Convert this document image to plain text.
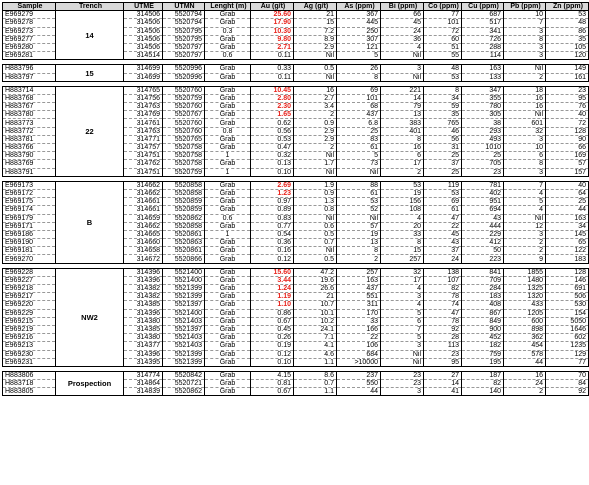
Sample	Trench	UTME	UTMN	Lenght (m)	Au (g/t)	Ag (g/t)	As (ppm)	Bi (ppm)	Co (ppm)	Cu (ppm)	Pb (ppm)	Zn (ppm)
E969279	14	314506	5520794	Grab	25.60	21	367	66	77	687	10	53
E969278		314506	5520794	Grab	17.90	15	445	45	101	517	7	48
E969273		314506	5520795	0.3	10.30	7.2	250	24	72	341	3	86
E969277		314506	5520795	Grab	9.80	8.9	307	36	60	726	8	35
E969280		314506	5520797	Grab	2.71	2.9	121	4	51	288	3	105
E969281		314514	5520797	0.6	0.11	Nil	5	Nil	55	114	3	120

H883796	15	314699	5520996	Grab	0.33	0.5	26	3	48	163	Nil	149
H883797		314699	5520996	Grab	0.11	Nil	8	Nil	53	133	2	161

H883714	22	314765	5520760	Grab	10.45	16	69	221	8	347	18	23
H883768		314756	5520759	Grab	2.80	2.7	101	14	34	355	16	95
H883767		314763	5520760	Grab	2.30	3.4	68	79	59	780	16	76
H883780		314769	5520767	Grab	1.65	2	437	13	35	305	Nil	40
H883773		314761	5520760	Grab	0.62	0.9	6.8	383	765	38	601	72
H883772		314763	5520760	0.8	0.56	2.9	25	401	46	293	32	128
H883781		314771	5520765	Grab	0.53	2.9	83	8	56	493	3	90
H883766		314757	5520758	Grab	0.47	2	61	16	31	1010	10	66
H883790		314751	5520758	1	0.32	Nil	5	6	25	25	6	169
H883769		314762	5520758	Grab	0.13	1.7	73	17	37	705	8	57
H883791		314751	5520759	1	0.10	Nil	Nil	2	25	23	3	157

E969173	B	314662	5520858	Grab	2.69	1.9	88	53	119	781	7	40
E969172		314662	5520858	Grab	1.23	0.9	61	19	53	402	4	64
E969175		314661	5520859	Grab	0.97	1.3	53	156	69	951	5	25
E969174		314661	5520859	Grab	0.89	0.8	52	108	61	694	4	44
E969179		314659	5520862	0.6	0.83	Nil	Nil	4	47	43	Nil	163
E969171		314662	5520858	Grab	0.77	0.6	57	20	22	444	12	34
E969186		314665	5520861	1	0.54	0.5	19	33	45	229	3	145
E969190		314660	5520863	Grab	0.36	0.7	13	8	43	412	2	65
E969181		314658	5520861	Grab	0.16	Nil	8	15	37	50	2	122
E969270		314672	5520866	Grab	0.12	0.5	2	257	24	223	9	183

E969228	NW2	314396	5521400	Grab	15.60	47.2	257	32	138	841	1855	128
E969227		314396	5521400	Grab	3.44	19.6	163	17	107	709	1480	146
E969218		314382	5521399	Grab	1.24	26.6	437	4	82	284	1325	691
E969217		314382	5521399	Grab	1.19	21	551	3	78	183	1320	506
E969220		314385	5521397	Grab	1.10	10.7	311	4	74	408	433	530
E969229		314396	5521400	Grab	0.86	10.1	170	5	47	867	1205	154
E969215		314380	5521403	Grab	0.67	10.2	33	6	78	849	600	5050
E969219		314385	5521397	Grab	0.45	24.1	166	7	92	900	898	1646
E969216		314380	5521403	Grab	0.26	7.1	22	5	28	452	362	602
E969213		314377	5521403	Grab	0.19	4.1	106	3	113	182	454	1235
E969230		314396	5521399	Grab	0.12	4.6	684	Nil	23	759	578	129
E969231		314395	5521399	Grab	0.10	1.1	>10000	Nil	95	195	44	77

H883806	Prospection	314774	5520842	Grab	4.15	8.6	237	23	27	187	16	70
H883718		314864	5520721	Grab	0.81	0.7	550	23	14	82	24	84
H883805		314839	5520862	Grab	0.67	1.1	44	3	41	140	2	92
